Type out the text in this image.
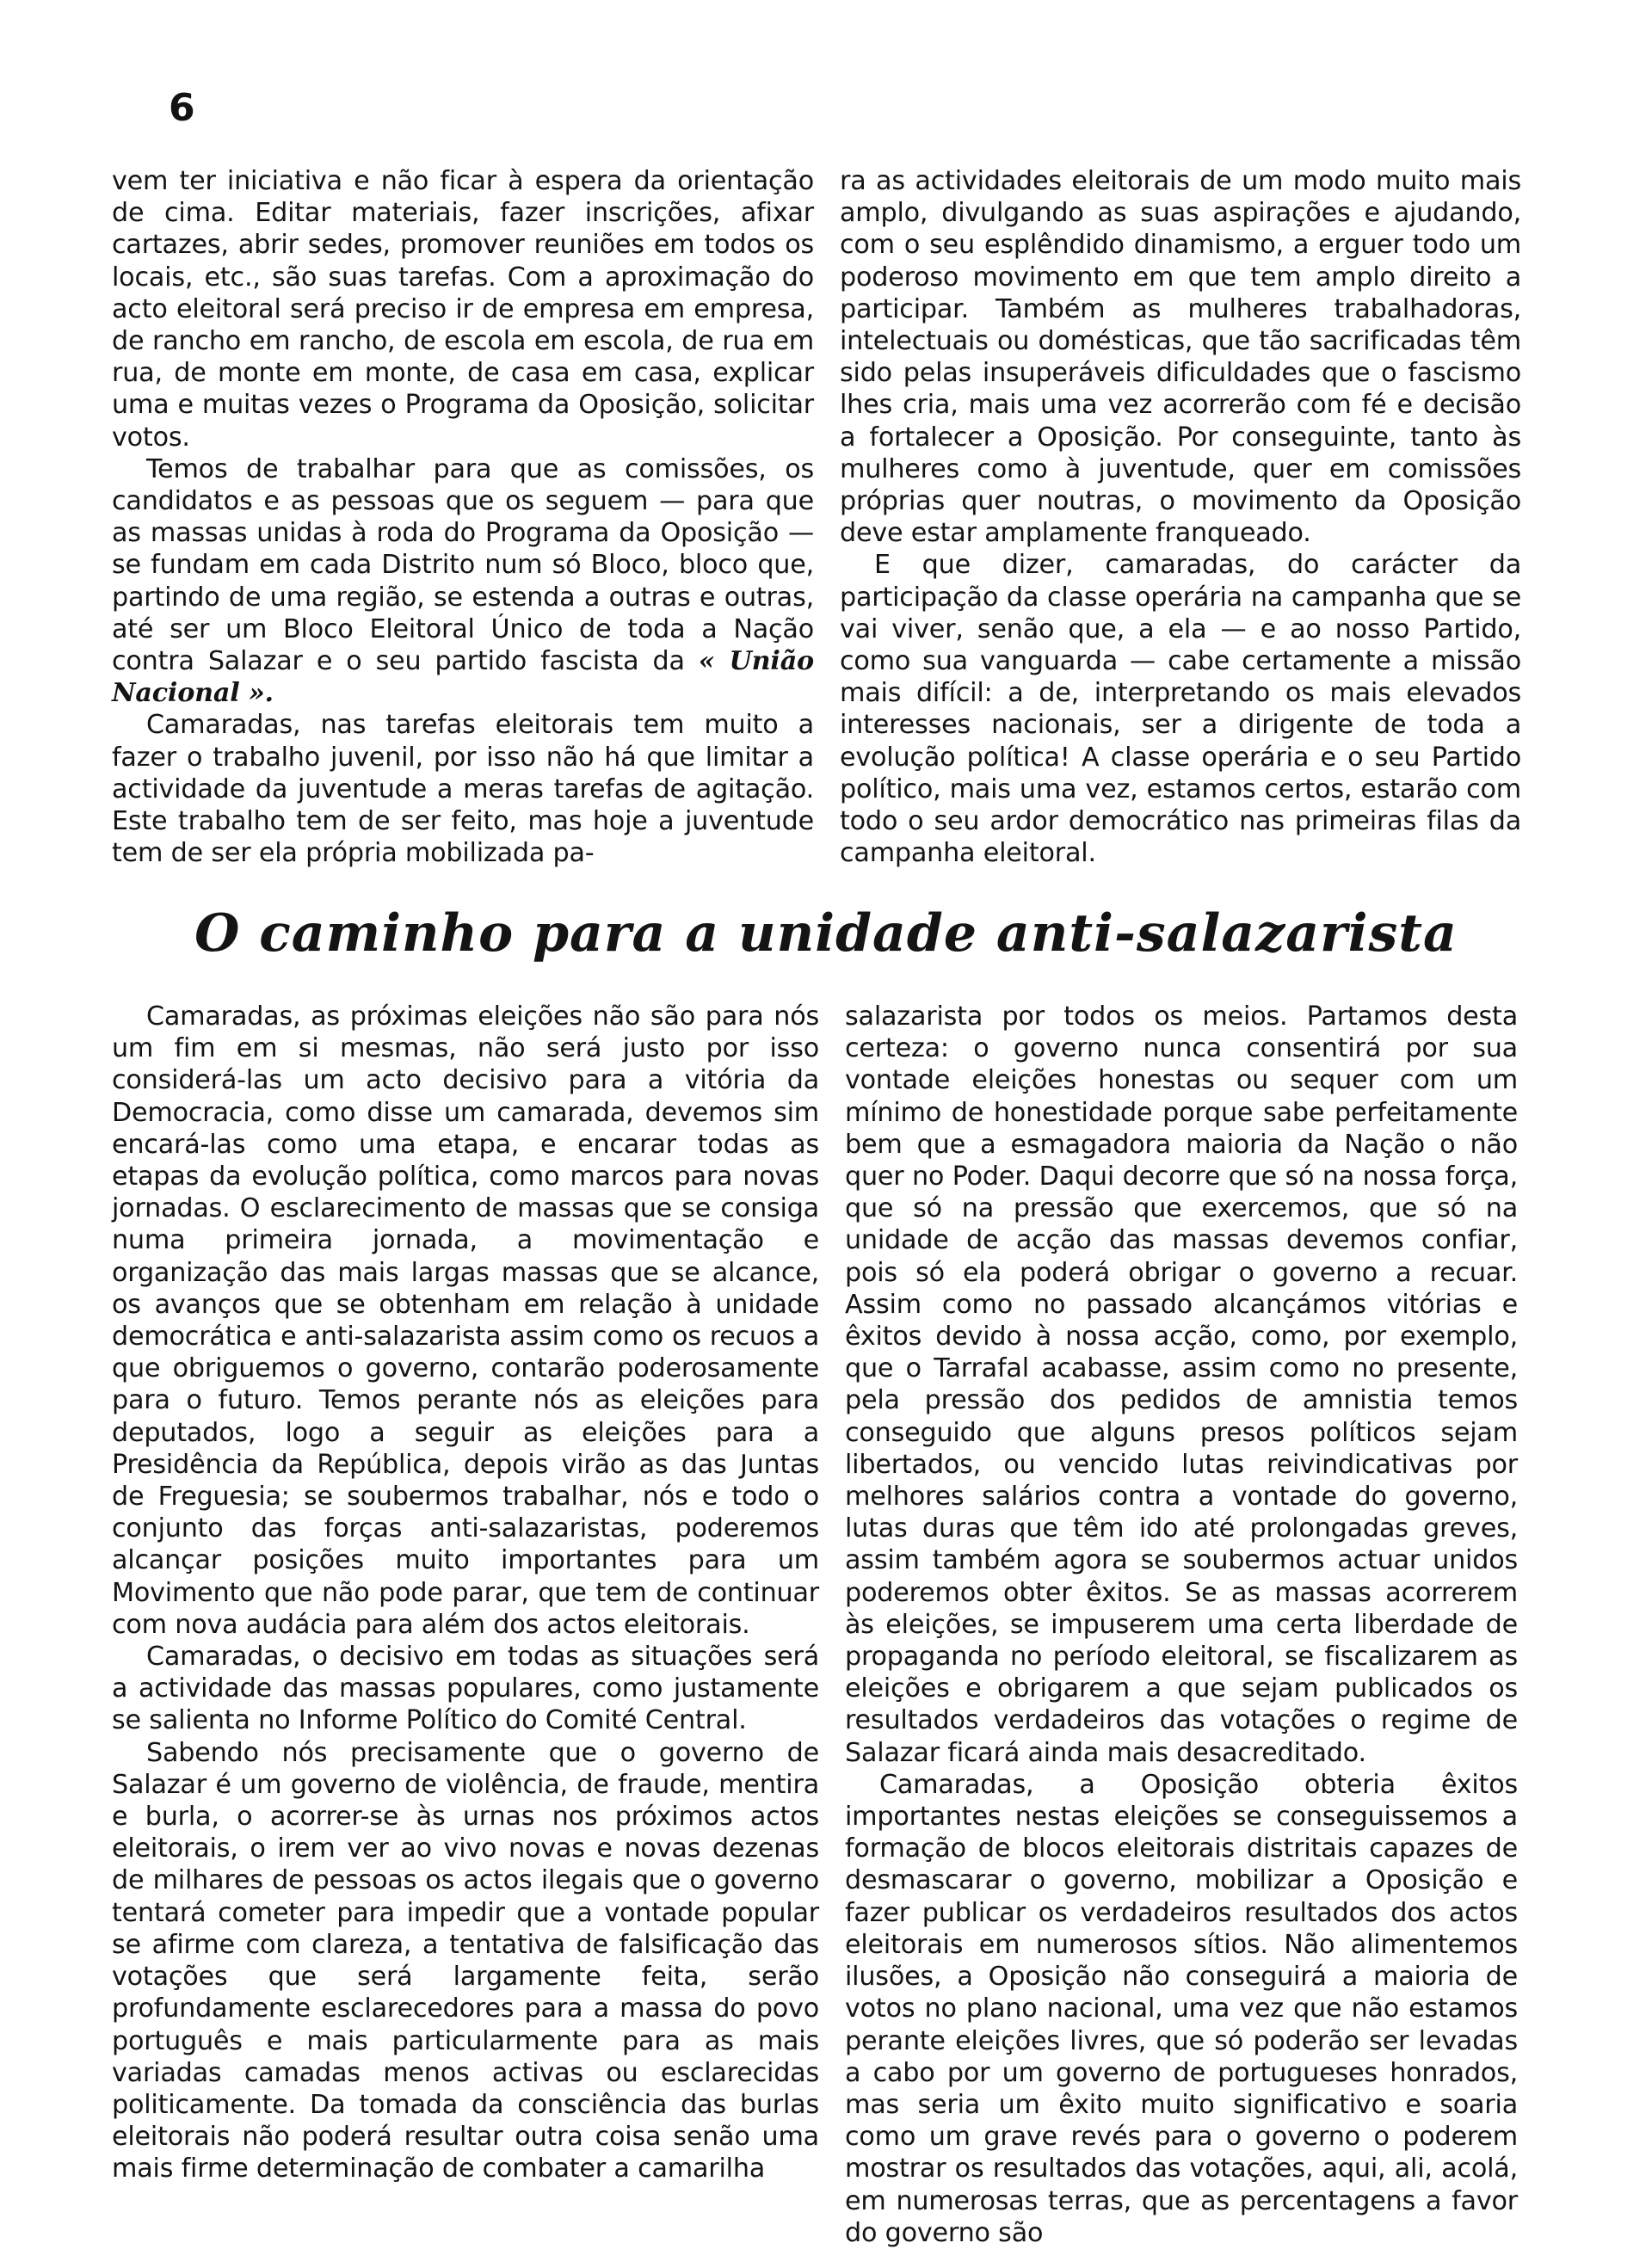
6

vem ter iniciativa e não ficar à espera da orientação de cima. Editar materiais, fazer inscrições, afixar cartazes, abrir sedes, promover reuniões em todos os locais, etc., são suas tarefas. Com a aproximação do acto eleitoral será preciso ir de empresa em empresa, de rancho em rancho, de escola em escola, de rua em rua, de monte em monte, de casa em casa, explicar uma e muitas vezes o Programa da Oposição, solicitar votos.

Temos de trabalhar para que as comissões, os candidatos e as pessoas que os seguem — para que as massas unidas à roda do Programa da Oposição — se fundam em cada Distrito num só Bloco, bloco que, partindo de uma região, se estenda a outras e outras, até ser um Bloco Eleitoral Único de toda a Nação contra Salazar e o seu partido fascista da « União Nacional ».

Camaradas, nas tarefas eleitorais tem muito a fazer o trabalho juvenil, por isso não há que limitar a actividade da juventude a meras tarefas de agitação. Este trabalho tem de ser feito, mas hoje a juventude tem de ser ela própria mobilizada pa-

ra as actividades eleitorais de um modo muito mais amplo, divulgando as suas aspirações e ajudando, com o seu esplêndido dinamismo, a erguer todo um poderoso movimento em que tem amplo direito a participar. Também as mulheres trabalhadoras, intelectuais ou domésticas, que tão sacrificadas têm sido pelas insuperáveis dificuldades que o fascismo lhes cria, mais uma vez acorrerão com fé e decisão a fortalecer a Oposição. Por conseguinte, tanto às mulheres como à juventude, quer em comissões próprias quer noutras, o movimento da Oposição deve estar amplamente franqueado.

E que dizer, camaradas, do carácter da participação da classe operária na campanha que se vai viver, senão que, a ela — e ao nosso Partido, como sua vanguarda — cabe certamente a missão mais difícil: a de, interpretando os mais elevados interesses nacionais, ser a dirigente de toda a evolução política! A classe operária e o seu Partido político, mais uma vez, estamos certos, estarão com todo o seu ardor democrático nas primeiras filas da campanha eleitoral.

O caminho para a unidade anti-salazarista

Camaradas, as próximas eleições não são para nós um fim em si mesmas, não será justo por isso considerá-las um acto decisivo para a vitória da Democracia, como disse um camarada, devemos sim encará-las como uma etapa, e encarar todas as etapas da evolução política, como marcos para novas jornadas. O esclarecimento de massas que se consiga numa primeira jornada, a movimentação e organização das mais largas massas que se alcance, os avanços que se obtenham em relação à unidade democrática e anti-salazarista assim como os recuos a que obriguemos o governo, contarão poderosamente para o futuro. Temos perante nós as eleições para deputados, logo a seguir as eleições para a Presidência da República, depois virão as das Juntas de Freguesia; se soubermos trabalhar, nós e todo o conjunto das forças anti-salazaristas, poderemos alcançar posições muito importantes para um Movimento que não pode parar, que tem de continuar com nova audácia para além dos actos eleitorais.

Camaradas, o decisivo em todas as situações será a actividade das massas populares, como justamente se salienta no Informe Político do Comité Central.

Sabendo nós precisamente que o governo de Salazar é um governo de violência, de fraude, mentira e burla, o acorrer-se às urnas nos próximos actos eleitorais, o irem ver ao vivo novas e novas dezenas de milhares de pessoas os actos ilegais que o governo tentará cometer para impedir que a vontade popular se afirme com clareza, a tentativa de falsificação das votações que será largamente feita, serão profundamente esclarecedores para a massa do povo português e mais particularmente para as mais variadas camadas menos activas ou esclarecidas politicamente. Da tomada da consciência das burlas eleitorais não poderá resultar outra coisa senão uma mais firme determinação de combater a camarilha

salazarista por todos os meios. Partamos desta certeza: o governo nunca consentirá por sua vontade eleições honestas ou sequer com um mínimo de honestidade porque sabe perfeitamente bem que a esmagadora maioria da Nação o não quer no Poder. Daqui decorre que só na nossa força, que só na pressão que exercemos, que só na unidade de acção das massas devemos confiar, pois só ela poderá obrigar o governo a recuar. Assim como no passado alcançámos vitórias e êxitos devido à nossa acção, como, por exemplo, que o Tarrafal acabasse, assim como no presente, pela pressão dos pedidos de amnistia temos conseguido que alguns presos políticos sejam libertados, ou vencido lutas reivindicativas por melhores salários contra a vontade do governo, lutas duras que têm ido até prolongadas greves, assim também agora se soubermos actuar unidos poderemos obter êxitos. Se as massas acorrerem às eleições, se impuserem uma certa liberdade de propaganda no período eleitoral, se fiscalizarem as eleições e obrigarem a que sejam publicados os resultados verdadeiros das votações o regime de Salazar ficará ainda mais desacreditado.

Camaradas, a Oposição obteria êxitos importantes nestas eleições se conseguissemos a formação de blocos eleitorais distritais capazes de desmascarar o governo, mobilizar a Oposição e fazer publicar os verdadeiros resultados dos actos eleitorais em numerosos sítios. Não alimentemos ilusões, a Oposição não conseguirá a maioria de votos no plano nacional, uma vez que não estamos perante eleições livres, que só poderão ser levadas a cabo por um governo de portugueses honrados, mas seria um êxito muito significativo e soaria como um grave revés para o governo o poderem mostrar os resultados das votações, aqui, ali, acolá, em numerosas terras, que as percentagens a favor do governo são
